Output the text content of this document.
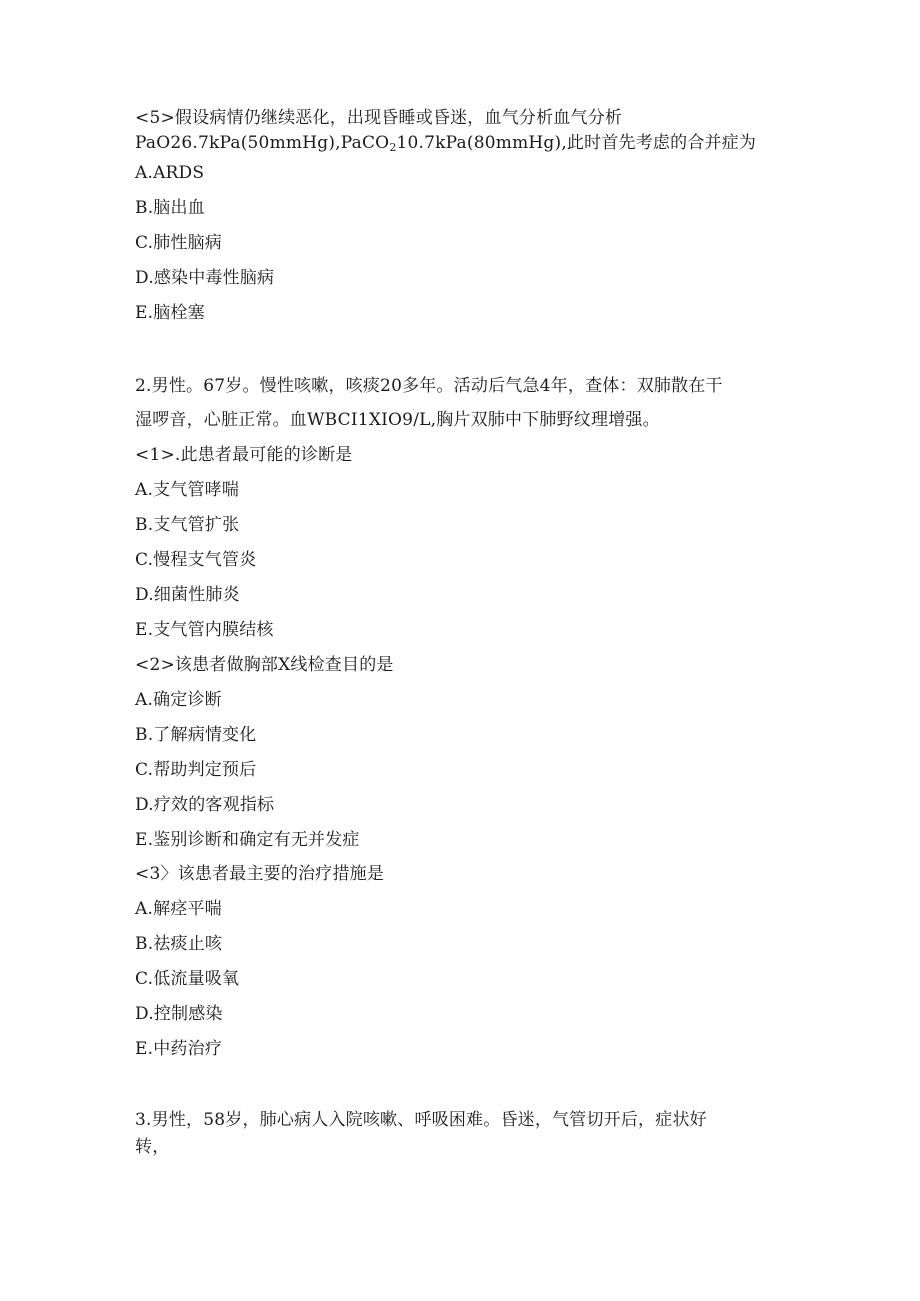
<5>假设病情仍继续恶化，出现昏睡或昏迷，血气分析血气分析
PaO26.7kPa(50mmHg),PaCO$_2$10.7kPa(80mmHg),此时首先考虑的合并症为
A.ARDS
B.脑出血
C.肺性脑病
D.感染中毒性脑病
E.脑栓塞
2.男性。67岁。慢性咳嗽，咳痰20多年。活动后气急4年，查体：双肺散在干
湿啰音，心脏正常。血WBCI1XIO9/L,胸片双肺中下肺野纹理增强。
<1>.此患者最可能的诊断是
A.支气管哮喘
B.支气管扩张
C.慢程支气管炎
D.细菌性肺炎
E.支气管内膜结核
<2>该患者做胸部X线检查目的是
A.确定诊断
B.了解病情变化
C.帮助判定预后
D.疗效的客观指标
E.鉴别诊断和确定有无并发症
<3〉该患者最主要的治疗措施是
A.解痉平喘
B.祛痰止咳
C.低流量吸氧
D.控制感染
E.中药治疗
3.男性，58岁，肺心病人入院咳嗽、呼吸困难。昏迷，气管切开后，症状好
转，
